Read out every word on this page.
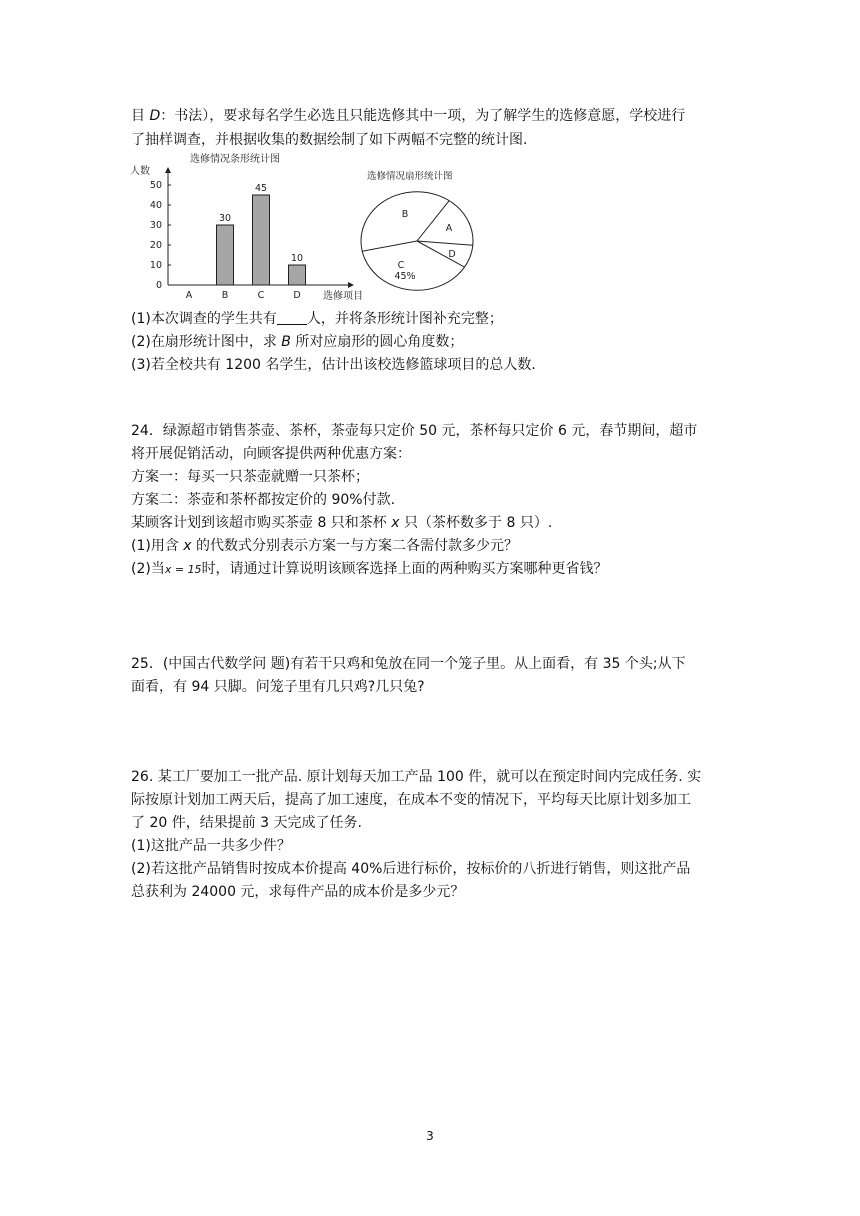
目 D：书法），要求每名学生必选且只能选修其中一项，为了解学生的选修意愿，学校进行
了抽样调查，并根据收集的数据绘制了如下两幅不完整的统计图.
选修情况条形统计图
人数
0
10
20
30
40
50
30
45
10
A	B	C	D 选修项目
选修情况扇形统计图
A
B
C
D
45%
(1)本次调查的学生共有 人，并将条形统计图补充完整；
(2)在扇形统计图中，求 B 所对应扇形的圆心角度数；
(3)若全校共有 1200 名学生，估计出该校选修篮球项目的总人数.
24．绿源超市销售茶壶、茶杯，茶壶每只定价 50 元，茶杯每只定价 6 元，春节期间，超市
将开展促销活动，向顾客提供两种优惠方案：
方案一：每买一只茶壶就赠一只茶杯；
方案二：茶壶和茶杯都按定价的 90%付款.
某顾客计划到该超市购买茶壶 8 只和茶杯 x 只（茶杯数多于 8 只）.
(1)用含 x 的代数式分别表示方案一与方案二各需付款多少元？
(2)当x = 15时，请通过计算说明该顾客选择上面的两种购买方案哪种更省钱？
25．(中国古代数学问 题)有若干只鸡和兔放在同一个笼子里。从上面看，有 35 个头;从下
面看，有 94 只脚。问笼子里有几只鸡?几只兔?
26. 某工厂要加工一批产品. 原计划每天加工产品 100 件，就可以在预定时间内完成任务. 实
际按原计划加工两天后，提高了加工速度，在成本不变的情况下，平均每天比原计划多加工
了 20 件，结果提前 3 天完成了任务.
(1)这批产品一共多少件？
(2)若这批产品销售时按成本价提高 40%后进行标价，按标价的八折进行销售，则这批产品
总获利为 24000 元，求每件产品的成本价是多少元？
3
